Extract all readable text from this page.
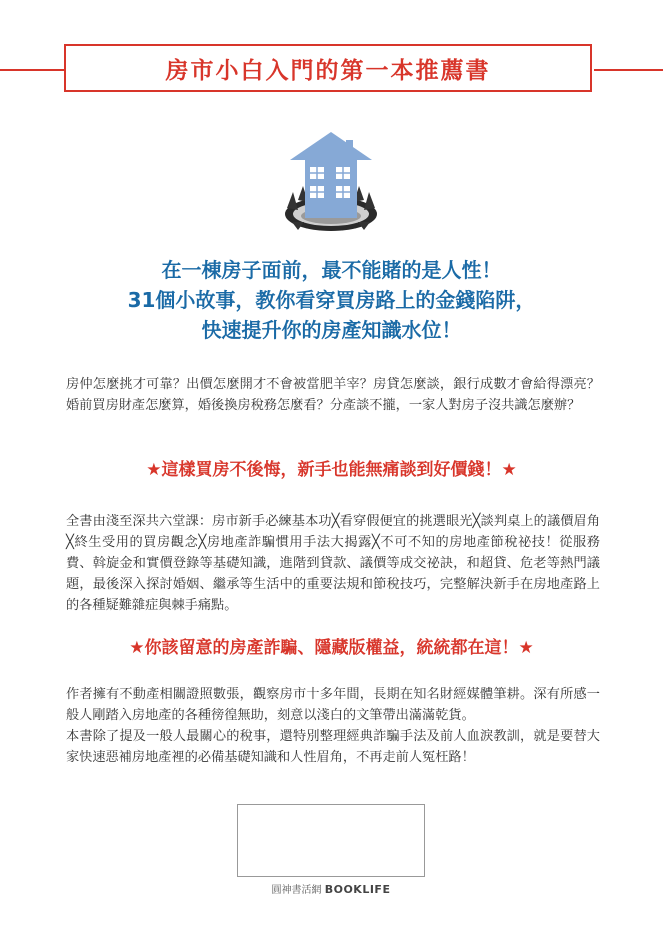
房市小白入門的第一本推薦書
在一棟房子面前，最不能賭的是人性！
31個小故事，教你看穿買房路上的金錢陷阱，
快速提升你的房產知識水位！
房仲怎麼挑才可靠？出價怎麼開才不會被當肥羊宰？房貸怎麼談，銀行成數才會給得漂亮？婚前買房財產怎麼算，婚後換房稅務怎麼看？分產談不攏，一家人對房子沒共識怎麼辦？
★這樣買房不後悔，新手也能無痛談到好價錢！★
全書由淺至深共六堂課：房市新手必練基本功╳看穿假便宜的挑選眼光╳談判桌上的議價眉角╳終生受用的買房觀念╳房地產詐騙慣用手法大揭露╳不可不知的房地產節稅祕技！從服務費、斡旋金和實價登錄等基礎知識，進階到貸款、議價等成交祕訣，和超貸、危老等熱門議題，最後深入探討婚姻、繼承等生活中的重要法規和節稅技巧，完整解決新手在房地產路上的各種疑難雜症與棘手痛點。
★你該留意的房產詐騙、隱藏版權益，統統都在這！★
作者擁有不動產相關證照數張，觀察房市十多年間，長期在知名財經媒體筆耕。深有所感一般人剛踏入房地產的各種徬徨無助，刻意以淺白的文筆帶出滿滿乾貨。
本書除了提及一般人最關心的稅事，還特別整理經典詐騙手法及前人血淚教訓，就是要替大家快速惡補房地產裡的必備基礎知識和人性眉角，不再走前人冤枉路！
圓神書活網 BOOKLIFE
